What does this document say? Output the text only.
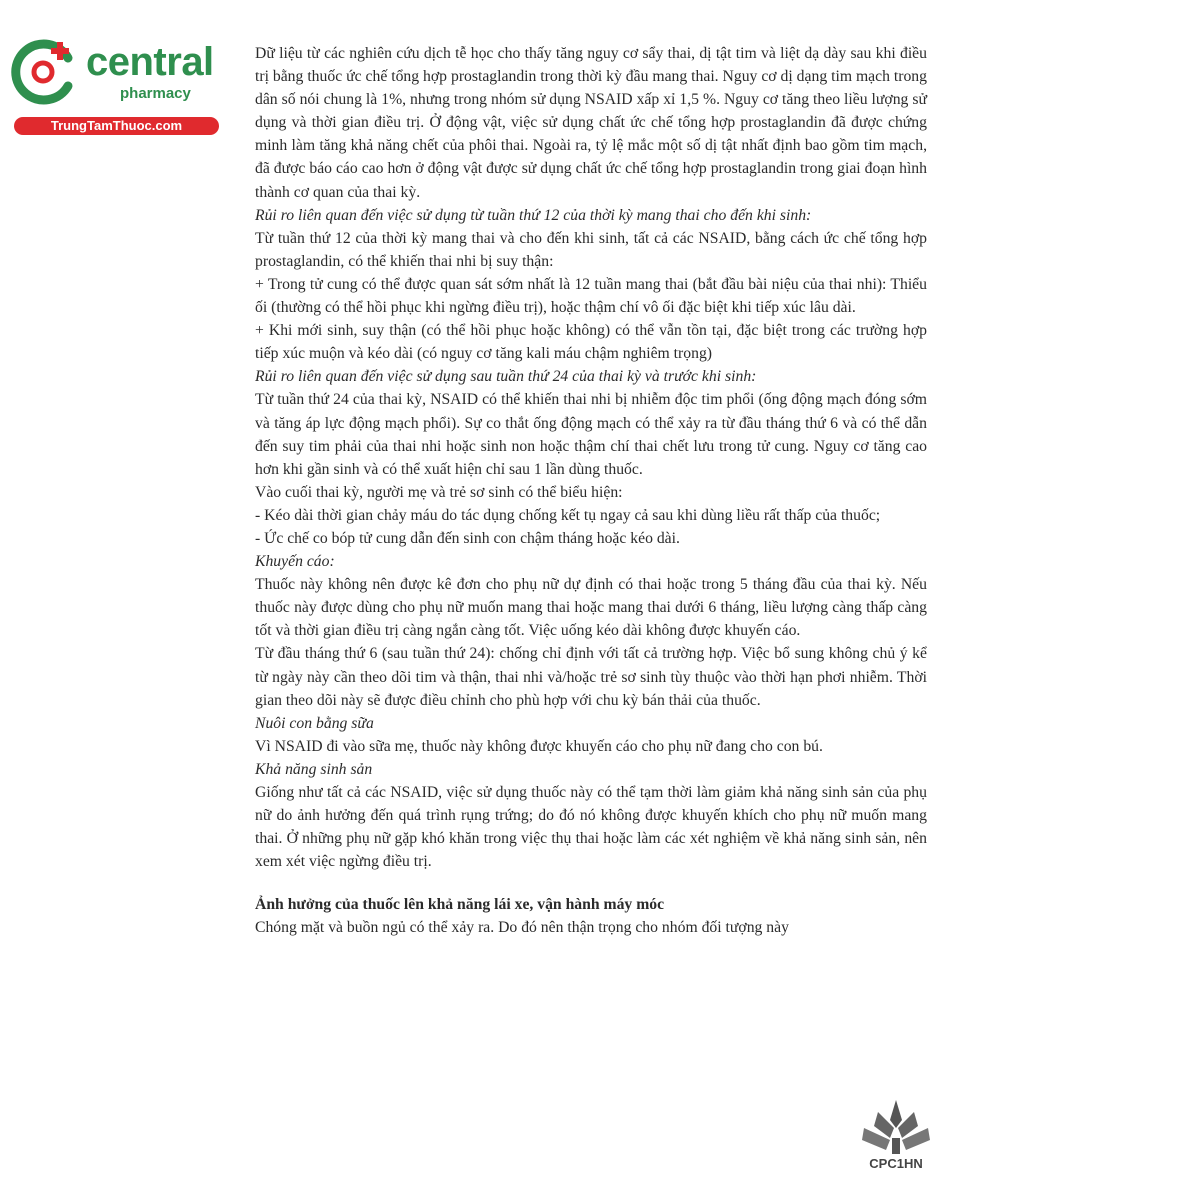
central
pharmacy
TrungTamThuoc.com

Dữ liệu từ các nghiên cứu dịch tễ học cho thấy tăng nguy cơ sẩy thai, dị tật tim và liệt dạ dày sau khi điều trị bằng thuốc ức chế tổng hợp prostaglandin trong thời kỳ đầu mang thai. Nguy cơ dị dạng tim mạch trong dân số nói chung là 1%, nhưng trong nhóm sử dụng NSAID xấp xỉ 1,5 %. Nguy cơ tăng theo liều lượng sử dụng và thời gian điều trị. Ở động vật, việc sử dụng chất ức chế tổng hợp prostaglandin đã được chứng minh làm tăng khả năng chết của phôi thai. Ngoài ra, tỷ lệ mắc một số dị tật nhất định bao gồm tim mạch, đã được báo cáo cao hơn ở động vật được sử dụng chất ức chế tổng hợp prostaglandin trong giai đoạn hình thành cơ quan của thai kỳ.

Rủi ro liên quan đến việc sử dụng từ tuần thứ 12 của thời kỳ mang thai cho đến khi sinh:

Từ tuần thứ 12 của thời kỳ mang thai và cho đến khi sinh, tất cả các NSAID, bằng cách ức chế tổng hợp prostaglandin, có thể khiến thai nhi bị suy thận:

+ Trong tử cung có thể được quan sát sớm nhất là 12 tuần mang thai (bắt đầu bài niệu của thai nhi): Thiểu ối (thường có thể hồi phục khi ngừng điều trị), hoặc thậm chí vô ối đặc biệt khi tiếp xúc lâu dài.

+ Khi mới sinh, suy thận (có thể hồi phục hoặc không) có thể vẫn tồn tại, đặc biệt trong các trường hợp tiếp xúc muộn và kéo dài (có nguy cơ tăng kali máu chậm nghiêm trọng)

Rủi ro liên quan đến việc sử dụng sau tuần thứ 24 của thai kỳ và trước khi sinh:

Từ tuần thứ 24 của thai kỳ, NSAID có thể khiến thai nhi bị nhiễm độc tim phổi (ống động mạch đóng sớm và tăng áp lực động mạch phổi). Sự co thắt ống động mạch có thể xảy ra từ đầu tháng thứ 6 và có thể dẫn đến suy tim phải của thai nhi hoặc sinh non hoặc thậm chí thai chết lưu trong tử cung. Nguy cơ tăng cao hơn khi gần sinh và có thể xuất hiện chỉ sau 1 lần dùng thuốc.

Vào cuối thai kỳ, người mẹ và trẻ sơ sinh có thể biểu hiện:

- Kéo dài thời gian chảy máu do tác dụng chống kết tụ ngay cả sau khi dùng liều rất thấp của thuốc;

- Ức chế co bóp tử cung dẫn đến sinh con chậm tháng hoặc kéo dài.

Khuyến cáo:

Thuốc này không nên được kê đơn cho phụ nữ dự định có thai hoặc trong 5 tháng đầu của thai kỳ. Nếu thuốc này được dùng cho phụ nữ muốn mang thai hoặc mang thai dưới 6 tháng, liều lượng càng thấp càng tốt và thời gian điều trị càng ngắn càng tốt. Việc uống kéo dài không được khuyến cáo.

Từ đầu tháng thứ 6 (sau tuần thứ 24): chống chỉ định với tất cả trường hợp. Việc bổ sung không chủ ý kể từ ngày này cần theo dõi tim và thận, thai nhi và/hoặc trẻ sơ sinh tùy thuộc vào thời hạn phơi nhiễm. Thời gian theo dõi này sẽ được điều chỉnh cho phù hợp với chu kỳ bán thải của thuốc.

Nuôi con bằng sữa

Vì NSAID đi vào sữa mẹ, thuốc này không được khuyến cáo cho phụ nữ đang cho con bú.

Khả năng sinh sản

Giống như tất cả các NSAID, việc sử dụng thuốc này có thể tạm thời làm giảm khả năng sinh sản của phụ nữ do ảnh hưởng đến quá trình rụng trứng; do đó nó không được khuyến khích cho phụ nữ muốn mang thai. Ở những phụ nữ gặp khó khăn trong việc thụ thai hoặc làm các xét nghiệm về khả năng sinh sản, nên xem xét việc ngừng điều trị.

Ảnh hưởng của thuốc lên khả năng lái xe, vận hành máy móc

Chóng mặt và buồn ngủ có thể xảy ra. Do đó nên thận trọng cho nhóm đối tượng này

CPC1HN
